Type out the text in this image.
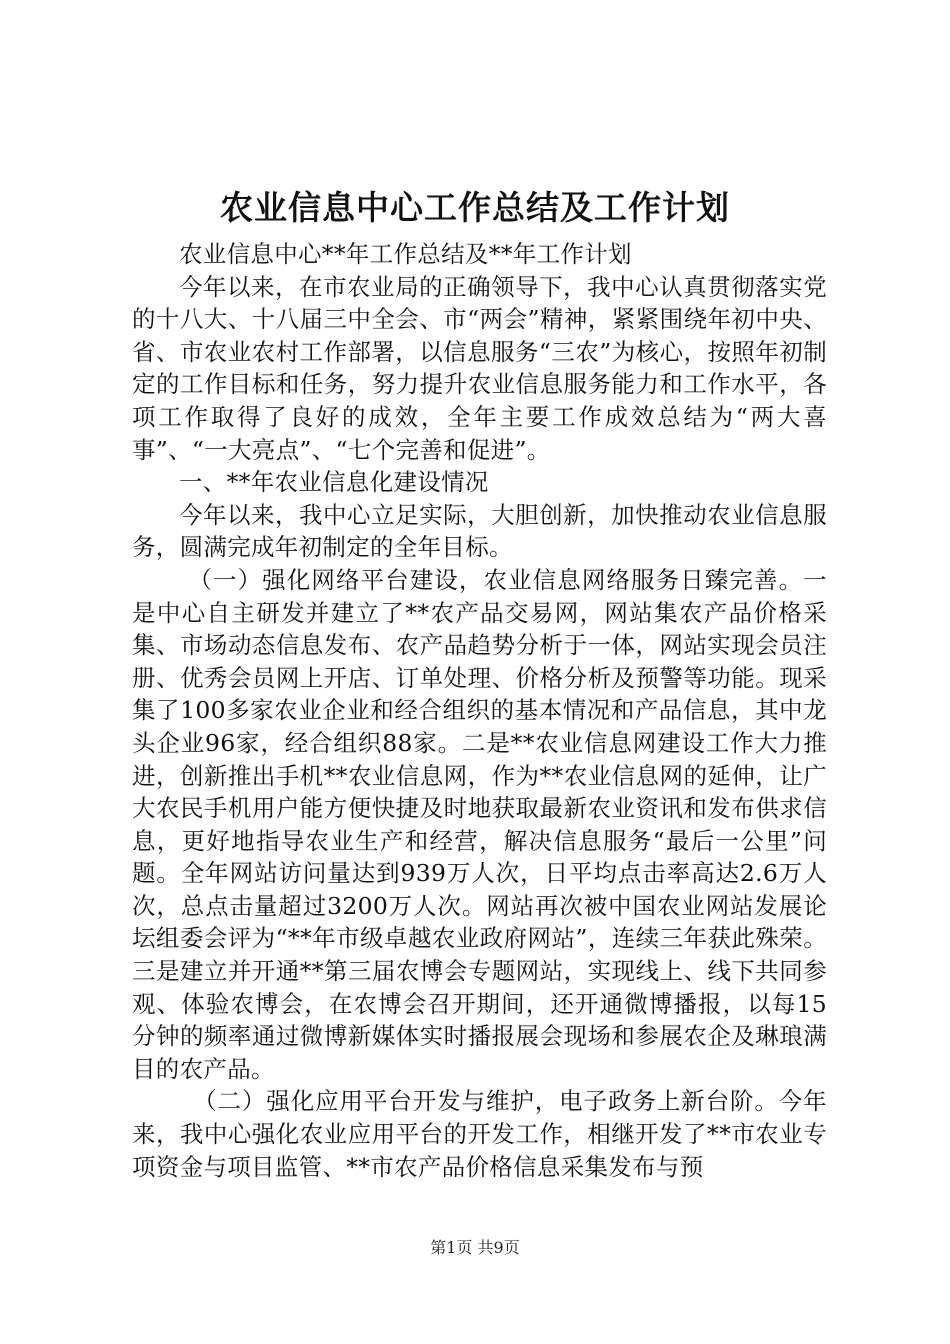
农业信息中心工作总结及工作计划

农业信息中心**年工作总结及**年工作计划

今年以来，在市农业局的正确领导下，我中心认真贯彻落实党的十八大、十八届三中全会、市“两会”精神，紧紧围绕年初中央、省、市农业农村工作部署，以信息服务“三农”为核心，按照年初制定的工作目标和任务，努力提升农业信息服务能力和工作水平，各项工作取得了良好的成效，全年主要工作成效总结为“两大喜事”、“一大亮点”、“七个完善和促进”。

一、**年农业信息化建设情况

今年以来，我中心立足实际，大胆创新，加快推动农业信息服务，圆满完成年初制定的全年目标。

（一）强化网络平台建设，农业信息网络服务日臻完善。一是中心自主研发并建立了**农产品交易网，网站集农产品价格采集、市场动态信息发布、农产品趋势分析于一体，网站实现会员注册、优秀会员网上开店、订单处理、价格分析及预警等功能。现采集了100多家农业企业和经合组织的基本情况和产品信息，其中龙头企业96家，经合组织88家。二是**农业信息网建设工作大力推进，创新推出手机**农业信息网，作为**农业信息网的延伸，让广大农民手机用户能方便快捷及时地获取最新农业资讯和发布供求信息，更好地指导农业生产和经营，解决信息服务“最后一公里”问题。全年网站访问量达到939万人次，日平均点击率高达2.6万人次，总点击量超过3200万人次。网站再次被中国农业网站发展论坛组委会评为“**年市级卓越农业政府网站”，连续三年获此殊荣。三是建立并开通**第三届农博会专题网站，实现线上、线下共同参观、体验农博会，在农博会召开期间，还开通微博播报，以每15分钟的频率通过微博新媒体实时播报展会现场和参展农企及琳琅满目的农产品。

（二）强化应用平台开发与维护，电子政务上新台阶。今年来，我中心强化农业应用平台的开发工作，相继开发了**市农业专项资金与项目监管、**市农产品价格信息采集发布与预

第1页 共9页
